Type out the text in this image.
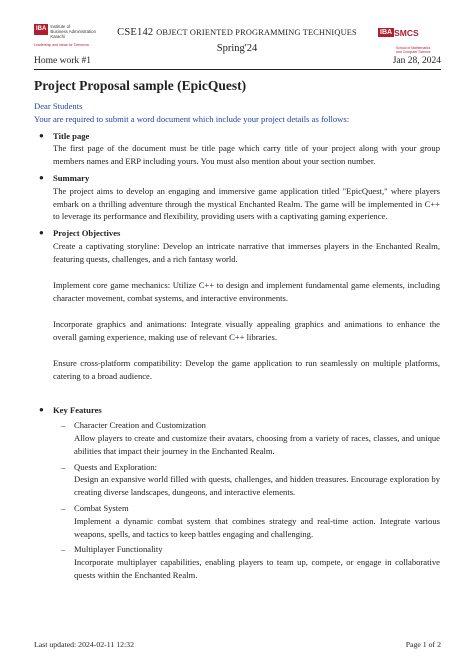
IBA Institute of
Business Administration
Karachi
Leadership and Ideas for Tomorrow
CSE142 OBJECT ORIENTED PROGRAMMING TECHNIQUES
Spring'24
IBA SMCS
School of Mathematics
and Computer Science
Home work #1	Jan 28, 2024
Project Proposal sample (EpicQuest)
Dear Students
Your are required to submit a word document which include your project details as follows:
● Title page
The first page of the document must be title page which carry title of your project along with your group members names and ERP including yours. You must also mention about your section number.
● Summary
The project aims to develop an engaging and immersive game application titled "EpicQuest," where players embark on a thrilling adventure through the mystical Enchanted Realm. The game will be implemented in C++ to leverage its performance and flexibility, providing users with a captivating gaming experience.
● Project Objectives
Create a captivating storyline: Develop an intricate narrative that immerses players in the Enchanted Realm, featuring quests, challenges, and a rich fantasy world.
Implement core game mechanics: Utilize C++ to design and implement fundamental game elements, including character movement, combat systems, and interactive environments.
Incorporate graphics and animations: Integrate visually appealing graphics and animations to enhance the overall gaming experience, making use of relevant C++ libraries.
Ensure cross-platform compatibility: Develop the game application to run seamlessly on multiple platforms, catering to a broad audience.
● Key Features
– Character Creation and Customization
Allow players to create and customize their avatars, choosing from a variety of races, classes, and unique abilities that impact their journey in the Enchanted Realm.
– Quests and Exploration:
Design an expansive world filled with quests, challenges, and hidden treasures. Encourage exploration by creating diverse landscapes, dungeons, and interactive elements.
– Combat System
Implement a dynamic combat system that combines strategy and real-time action. Integrate various weapons, spells, and tactics to keep battles engaging and challenging.
– Multiplayer Functionality
Incorporate multiplayer capabilities, enabling players to team up, compete, or engage in collaborative quests within the Enchanted Realm.
Last updated: 2024-02-11 12:32	Page 1 of 2
